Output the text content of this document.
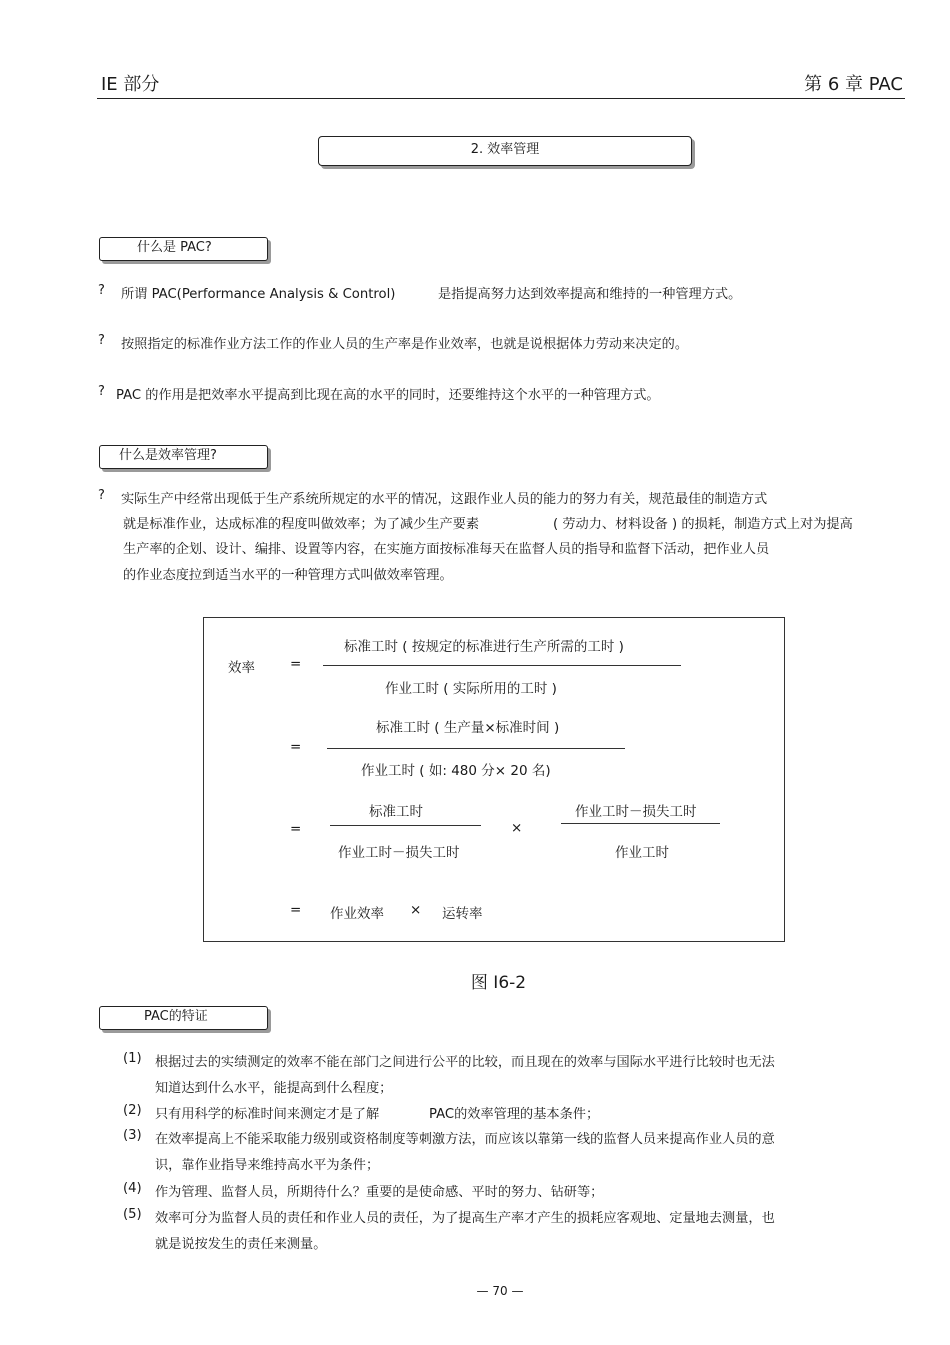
IE 部分	第 6 章 PAC
2. 效率管理
什么是 PAC?
? 所谓 PAC(Performance Analysis & Control)	是指提高努力达到效率提高和维持的一种管理方式。
? 按照指定的标准作业方法工作的作业人员的生产率是作业效率，也就是说根据体力劳动来决定的。
? PAC 的作用是把效率水平提高到比现在高的水平的同时，还要维持这个水平的一种管理方式。
什么是效率管理?
? 实际生产中经常出现低于生产系统所规定的水平的情况，这跟作业人员的能力的努力有关，规范最佳的制造方式
就是标准作业，达成标准的程度叫做效率；为了减少生产要素	( 劳动力、材料设备 ) 的损耗，制造方式上对为提高
生产率的企划、设计、编排、设置等内容，在实施方面按标准每天在监督人员的指导和监督下活动，把作业人员
的作业态度拉到适当水平的一种管理方式叫做效率管理。
效率	=
标准工时 ( 按规定的标准进行生产所需的工时 )
作业工时 ( 实际所用的工时 )
=
标准工时 ( 生产量×标准时间 )
作业工时 ( 如: 480 分× 20 名)
=
标准工时
作业工时－损失工时
×
作业工时－损失工时
作业工时
= 作业效率 × 运转率
图 I6-2
PAC的特证
(1) 根据过去的实绩测定的效率不能在部门之间进行公平的比较，而且现在的效率与国际水平进行比较时也无法
知道达到什么水平，能提高到什么程度；
(2) 只有用科学的标准时间来测定才是了解	PAC的效率管理的基本条件；
(3) 在效率提高上不能采取能力级别或资格制度等刺激方法，而应该以靠第一线的监督人员来提高作业人员的意
识，靠作业指导来维持高水平为条件；
(4) 作为管理、监督人员，所期待什么？重要的是使命感、平时的努力、钻研等；
(5) 效率可分为监督人员的责任和作业人员的责任，为了提高生产率才产生的损耗应客观地、定量地去测量，也
就是说按发生的责任来测量。
— 70 —
